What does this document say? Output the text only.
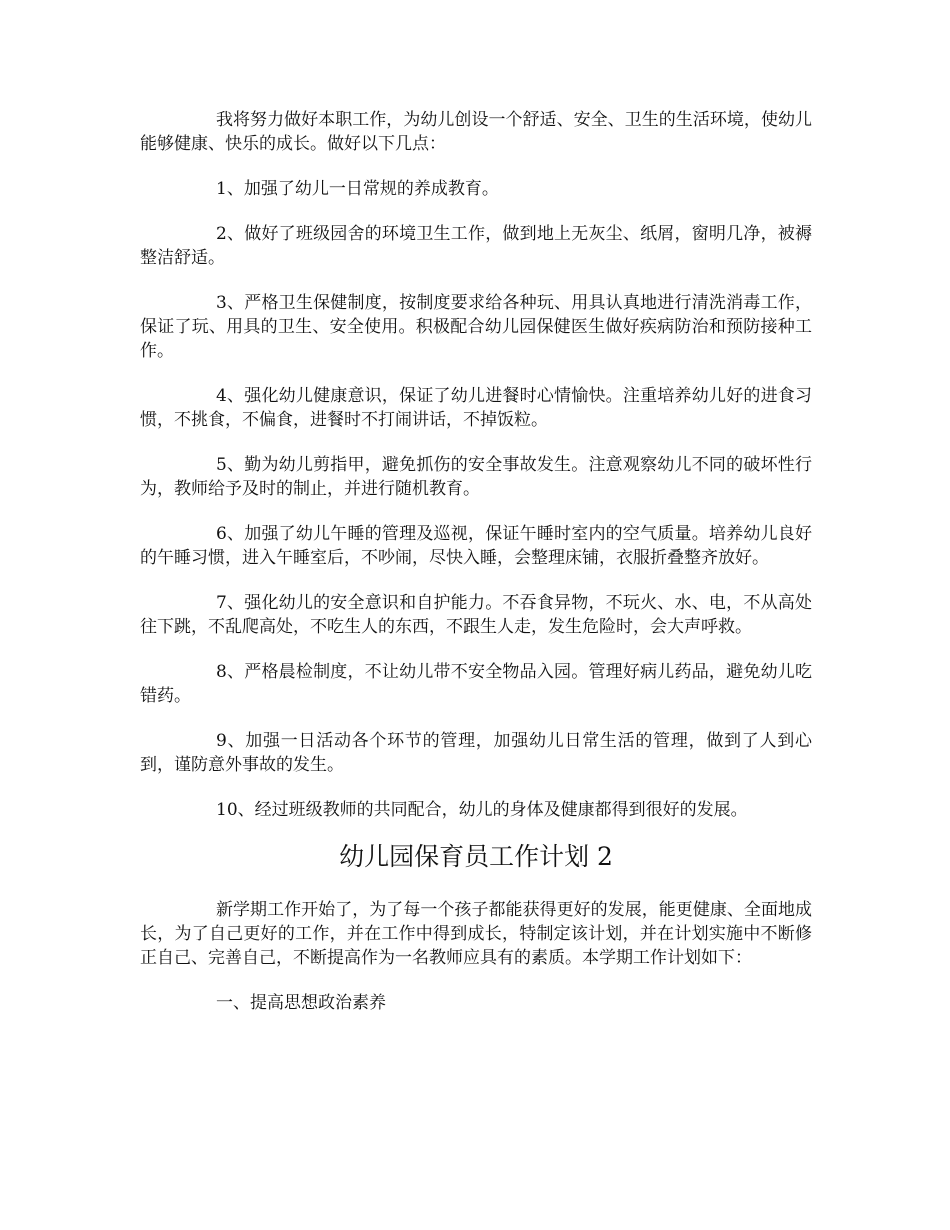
我将努力做好本职工作，为幼儿创设一个舒适、安全、卫生的生活环境，使幼儿能够健康、快乐的成长。做好以下几点：

1、加强了幼儿一日常规的养成教育。

2、做好了班级园舍的环境卫生工作，做到地上无灰尘、纸屑，窗明几净，被褥整洁舒适。

3、严格卫生保健制度，按制度要求给各种玩、用具认真地进行清洗消毒工作，保证了玩、用具的卫生、安全使用。积极配合幼儿园保健医生做好疾病防治和预防接种工作。

4、强化幼儿健康意识，保证了幼儿进餐时心情愉快。注重培养幼儿好的进食习惯，不挑食，不偏食，进餐时不打闹讲话，不掉饭粒。

5、勤为幼儿剪指甲，避免抓伤的安全事故发生。注意观察幼儿不同的破坏性行为，教师给予及时的制止，并进行随机教育。

6、加强了幼儿午睡的管理及巡视，保证午睡时室内的空气质量。培养幼儿良好的午睡习惯，进入午睡室后，不吵闹，尽快入睡，会整理床铺，衣服折叠整齐放好。

7、强化幼儿的安全意识和自护能力。不吞食异物，不玩火、水、电，不从高处往下跳，不乱爬高处，不吃生人的东西，不跟生人走，发生危险时，会大声呼救。

8、严格晨检制度，不让幼儿带不安全物品入园。管理好病儿药品，避免幼儿吃错药。

9、加强一日活动各个环节的管理，加强幼儿日常生活的管理，做到了人到心到，谨防意外事故的发生。

10、经过班级教师的共同配合，幼儿的身体及健康都得到很好的发展。

幼儿园保育员工作计划 2

新学期工作开始了，为了每一个孩子都能获得更好的发展，能更健康、全面地成长，为了自己更好的工作，并在工作中得到成长，特制定该计划，并在计划实施中不断修正自己、完善自己，不断提高作为一名教师应具有的素质。本学期工作计划如下：

一、提高思想政治素养
